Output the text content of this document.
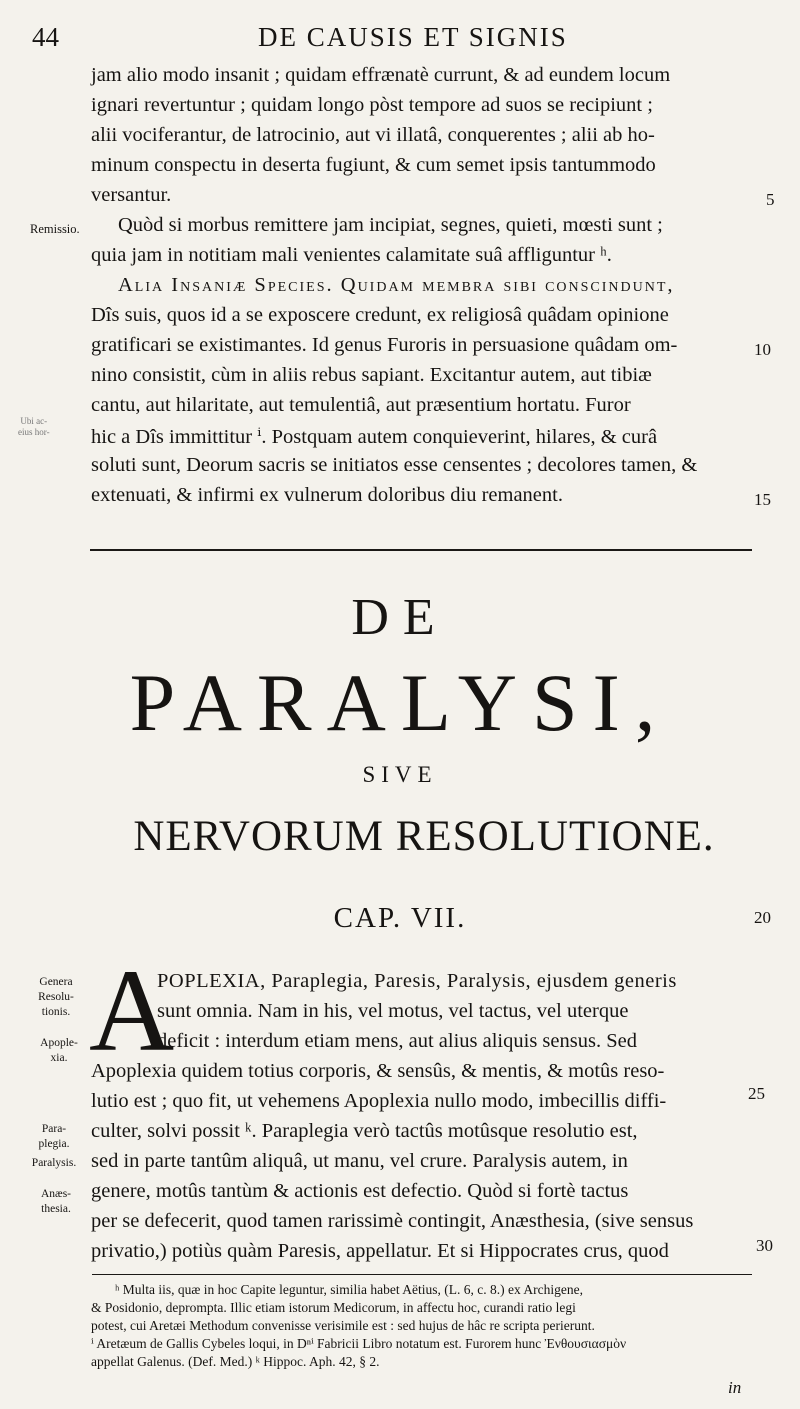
44	DE CAUSIS ET SIGNIS
jam alio modo insanit ; quidam effrænatè currunt, & ad eundem locum
ignari revertuntur ; quidam longo pòst tempore ad suos se recipiunt ;
alii vociferantur, de latrocinio, aut vi illatâ, conquerentes ; alii ab ho-
minum conspectu in deserta fugiunt, & cum semet ipsis tantummodo
versantur.
Quòd si morbus remittere jam incipiat, segnes, quieti, mœsti sunt ;
quia jam in notitiam mali venientes calamitate suâ affliguntur ʰ.
Alia Insaniæ Species. Quidam membra sibi conscindunt,
Dîs suis, quos id a se exposcere credunt, ex religiosâ quâdam opinione
gratificari se existimantes. Id genus Furoris in persuasione quâdam om-
nino consistit, cùm in aliis rebus sapiant. Excitantur autem, aut tibiæ
cantu, aut hilaritate, aut temulentiâ, aut præsentium hortatu. Furor
hic a Dîs immittitur ⁱ. Postquam autem conquieverint, hilares, & curâ
soluti sunt, Deorum sacris se initiatos esse censentes ; decolores tamen, &
extenuati, & infirmi ex vulnerum doloribus diu remanent.
Remissio.
Ubi ac-
eius hor-
5
10
15
DE
PARALYSI,
SIVE
NERVORUM RESOLUTIONE.
CAP. VII.	20
A
POPLEXIA, Paraplegia, Paresis, Paralysis, ejusdem generis
sunt omnia. Nam in his, vel motus, vel tactus, vel uterque
deficit : interdum etiam mens, aut alius aliquis sensus. Sed
Apoplexia quidem totius corporis, & sensûs, & mentis, & motûs reso-
lutio est ; quo fit, ut vehemens Apoplexia nullo modo, imbecillis diffi-
culter, solvi possit ᵏ. Paraplegia verò tactûs motûsque resolutio est,
sed in parte tantûm aliquâ, ut manu, vel crure. Paralysis autem, in
genere, motûs tantùm & actionis est defectio. Quòd si fortè tactus
per se defecerit, quod tamen rarissimè contingit, Anæsthesia, (sive sensus
privatio,) potiùs quàm Paresis, appellatur. Et si Hippocrates crus, quod
Genera
Resolu-
tionis.
Apople-
xia.
Para-
plegia.
Paralysis.
Anæs-
thesia.
25
30
ʰ Multa iis, quæ in hoc Capite leguntur, similia habet Aëtius, (L. 6, c. 8.) ex Archigene,
& Posidonio, deprompta. Illic etiam istorum Medicorum, in affectu hoc, curandi ratio legi
potest, cui Aretæi Methodum convenisse verisimile est : sed hujus de hâc re scripta perierunt.
ⁱ Aretæum de Gallis Cybeles loqui, in Dⁿⁱ Fabricii Libro notatum est. Furorem hunc Ἐνθουσιασμὸν
appellat Galenus. (Def. Med.) ᵏ Hippoc. Aph. 42, § 2.
in
